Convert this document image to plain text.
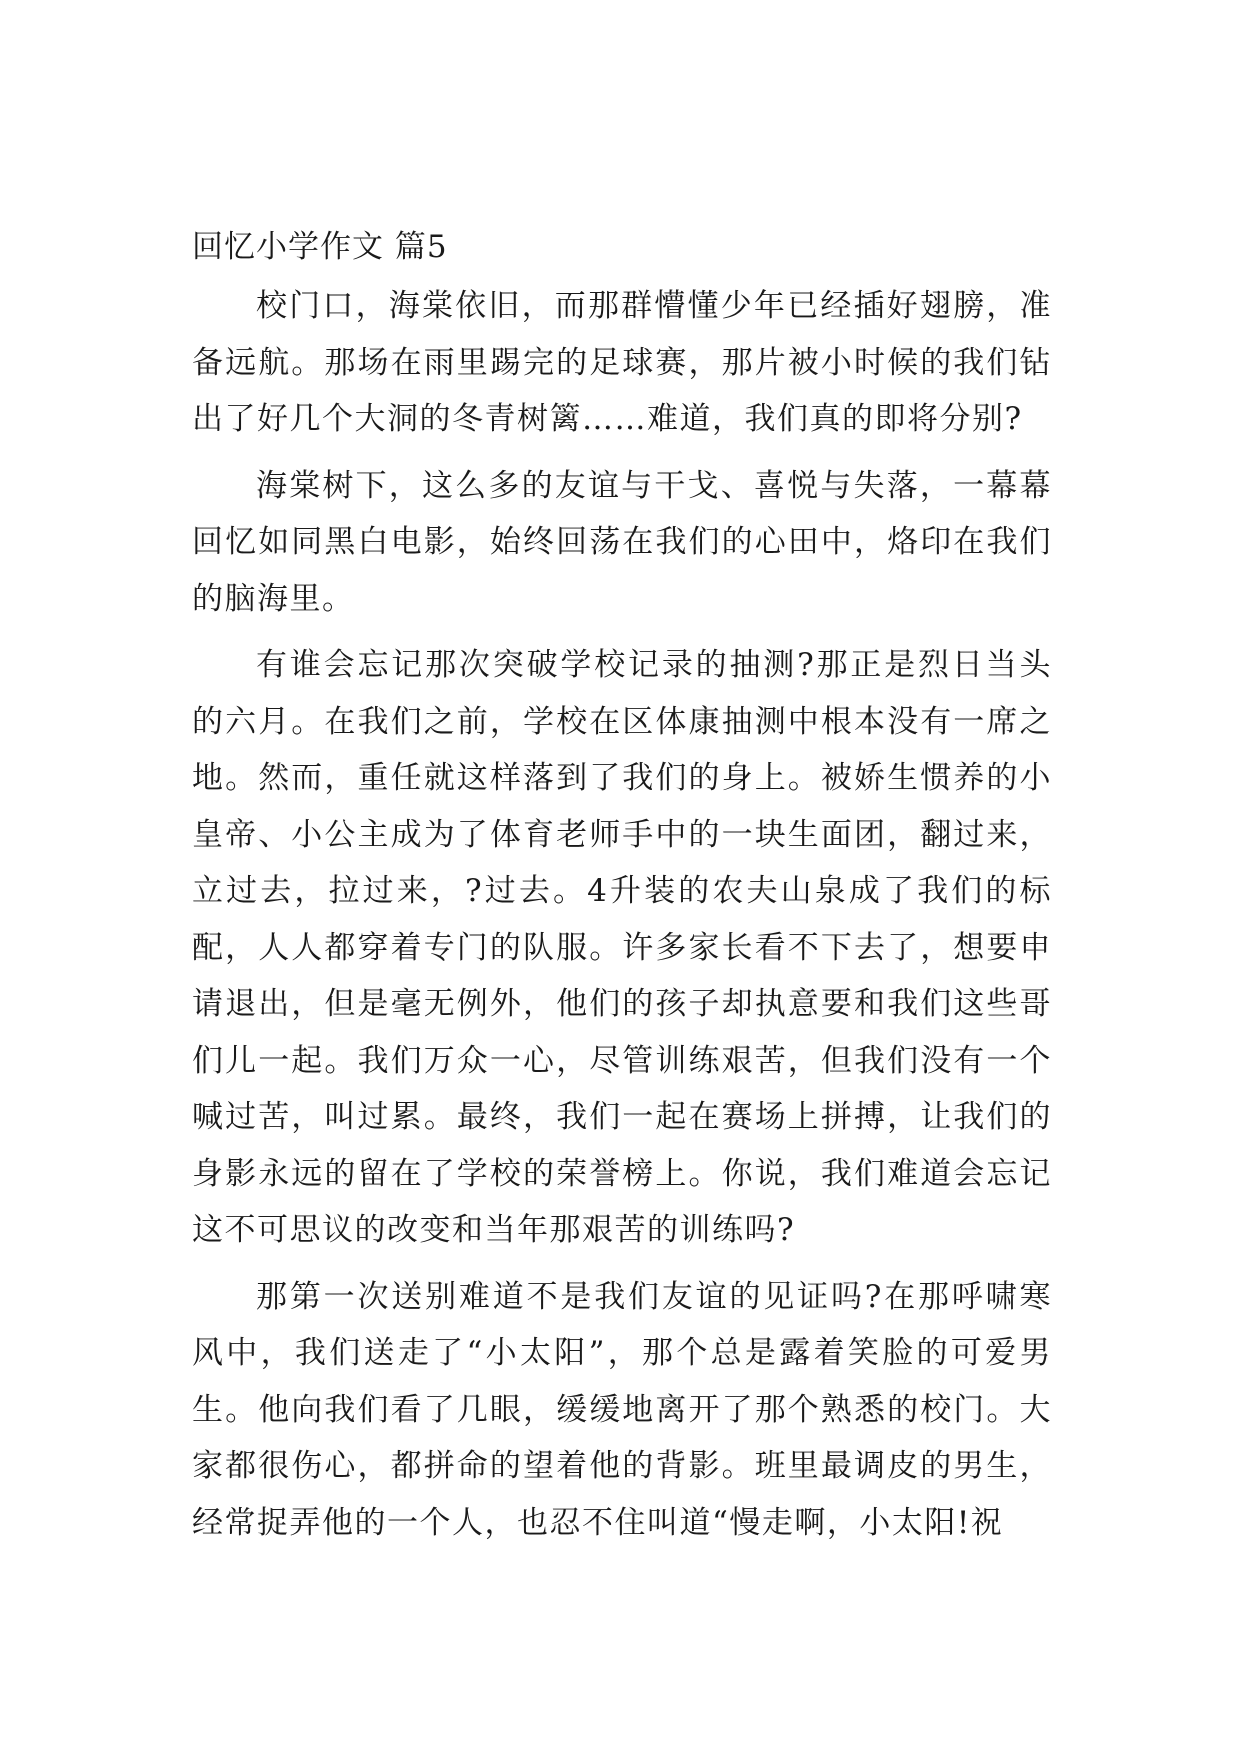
回忆小学作文 篇5

校门口，海棠依旧，而那群懵懂少年已经插好翅膀，准备远航。那场在雨里踢完的足球赛，那片被小时候的我们钻出了好几个大洞的冬青树篱……难道，我们真的即将分别?

海棠树下，这么多的友谊与干戈、喜悦与失落，一幕幕回忆如同黑白电影，始终回荡在我们的心田中，烙印在我们的脑海里。

有谁会忘记那次突破学校记录的抽测?那正是烈日当头的六月。在我们之前，学校在区体康抽测中根本没有一席之地。然而，重任就这样落到了我们的身上。被娇生惯养的小皇帝、小公主成为了体育老师手中的一块生面团，翻过来，立过去，拉过来，?过去。4升装的农夫山泉成了我们的标配，人人都穿着专门的队服。许多家长看不下去了，想要申请退出，但是毫无例外，他们的孩子却执意要和我们这些哥们儿一起。我们万众一心，尽管训练艰苦，但我们没有一个喊过苦，叫过累。最终，我们一起在赛场上拼搏，让我们的身影永远的留在了学校的荣誉榜上。你说，我们难道会忘记这不可思议的改变和当年那艰苦的训练吗?

那第一次送别难道不是我们友谊的见证吗?在那呼啸寒风中，我们送走了“小太阳”，那个总是露着笑脸的可爱男生。他向我们看了几眼，缓缓地离开了那个熟悉的校门。大家都很伤心，都拼命的望着他的背影。班里最调皮的男生，经常捉弄他的一个人，也忍不住叫道“慢走啊，小太阳!祝
